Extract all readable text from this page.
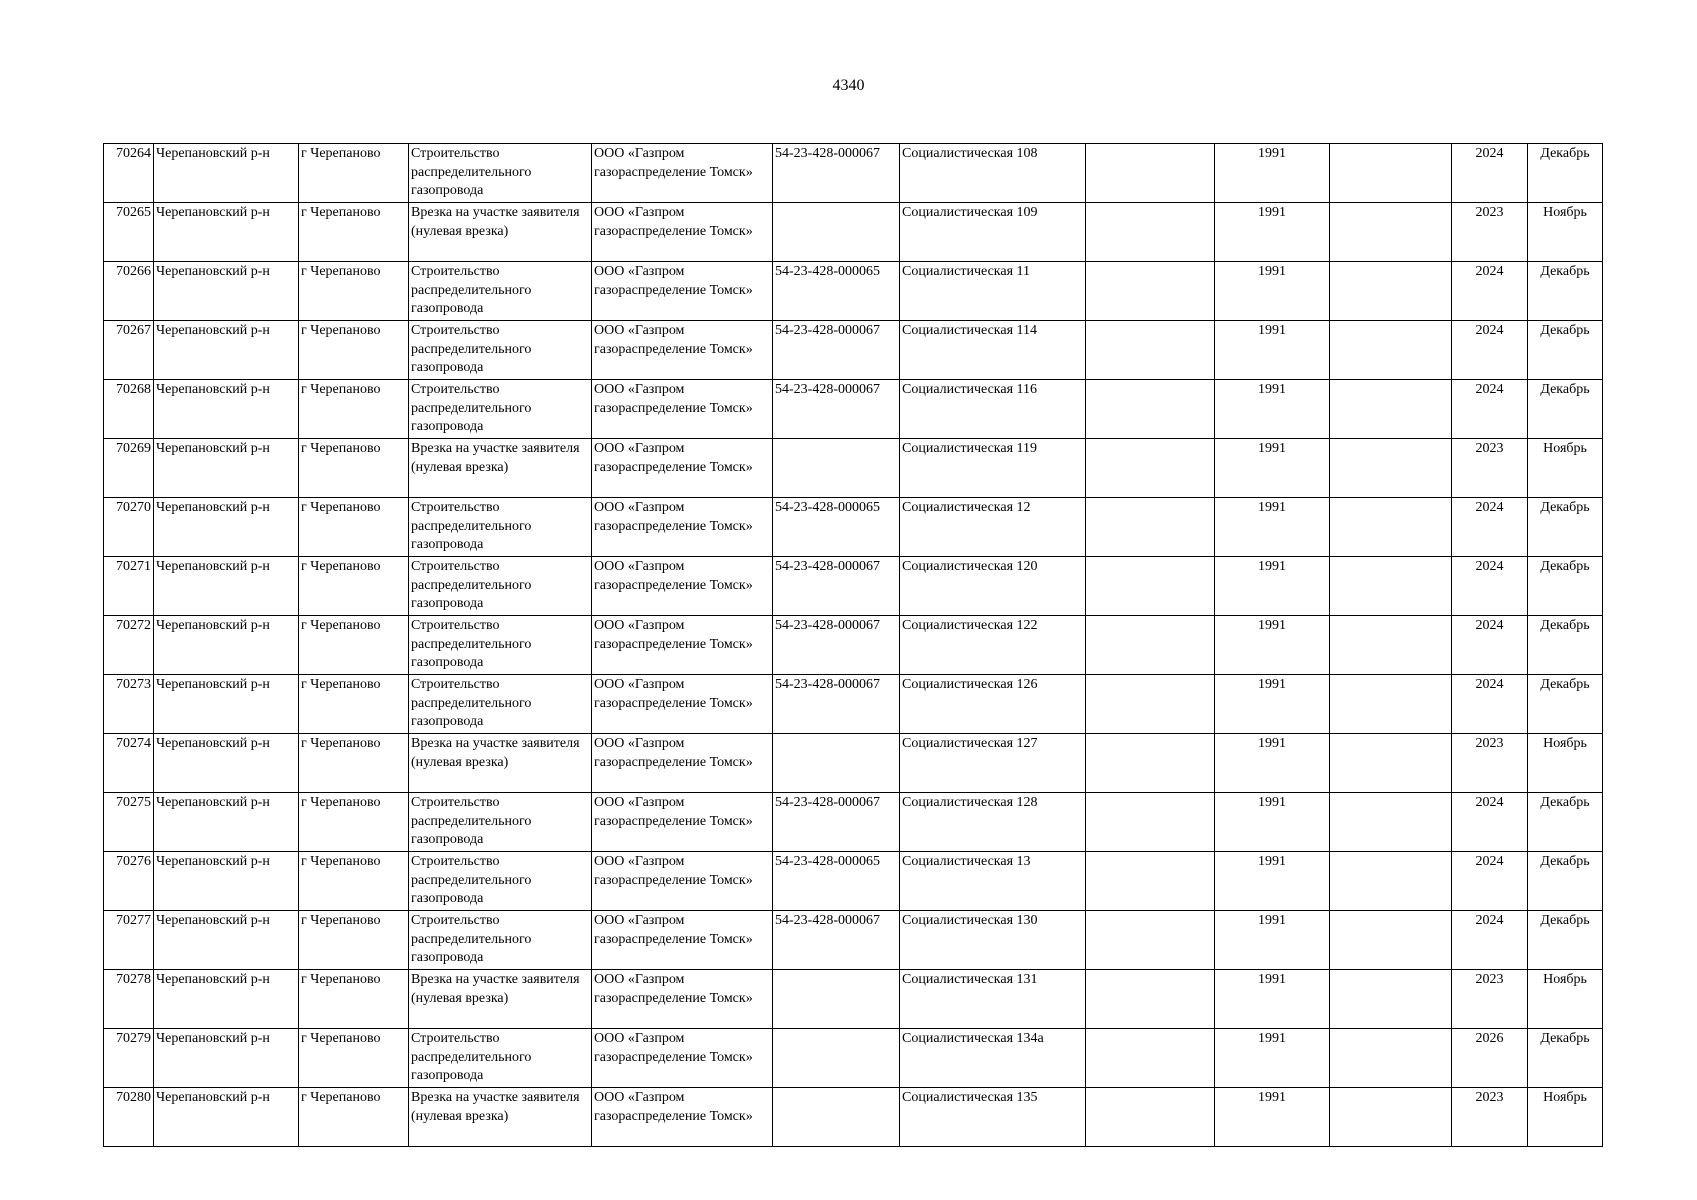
4340
70264	Черепановский р-н	г Черепаново	Строительство распределительного газопровода	ООО «Газпром газораспределение Томск»	54-23-428-000067	Социалистическая 108		1991		2024	Декабрь
70265	Черепановский р-н	г Черепаново	Врезка на участке заявителя (нулевая врезка)	ООО «Газпром газораспределение Томск»		Социалистическая 109		1991		2023	Ноябрь
70266	Черепановский р-н	г Черепаново	Строительство распределительного газопровода	ООО «Газпром газораспределение Томск»	54-23-428-000065	Социалистическая 11		1991		2024	Декабрь
70267	Черепановский р-н	г Черепаново	Строительство распределительного газопровода	ООО «Газпром газораспределение Томск»	54-23-428-000067	Социалистическая 114		1991		2024	Декабрь
70268	Черепановский р-н	г Черепаново	Строительство распределительного газопровода	ООО «Газпром газораспределение Томск»	54-23-428-000067	Социалистическая 116		1991		2024	Декабрь
70269	Черепановский р-н	г Черепаново	Врезка на участке заявителя (нулевая врезка)	ООО «Газпром газораспределение Томск»		Социалистическая 119		1991		2023	Ноябрь
70270	Черепановский р-н	г Черепаново	Строительство распределительного газопровода	ООО «Газпром газораспределение Томск»	54-23-428-000065	Социалистическая 12		1991		2024	Декабрь
70271	Черепановский р-н	г Черепаново	Строительство распределительного газопровода	ООО «Газпром газораспределение Томск»	54-23-428-000067	Социалистическая 120		1991		2024	Декабрь
70272	Черепановский р-н	г Черепаново	Строительство распределительного газопровода	ООО «Газпром газораспределение Томск»	54-23-428-000067	Социалистическая 122		1991		2024	Декабрь
70273	Черепановский р-н	г Черепаново	Строительство распределительного газопровода	ООО «Газпром газораспределение Томск»	54-23-428-000067	Социалистическая 126		1991		2024	Декабрь
70274	Черепановский р-н	г Черепаново	Врезка на участке заявителя (нулевая врезка)	ООО «Газпром газораспределение Томск»		Социалистическая 127		1991		2023	Ноябрь
70275	Черепановский р-н	г Черепаново	Строительство распределительного газопровода	ООО «Газпром газораспределение Томск»	54-23-428-000067	Социалистическая 128		1991		2024	Декабрь
70276	Черепановский р-н	г Черепаново	Строительство распределительного газопровода	ООО «Газпром газораспределение Томск»	54-23-428-000065	Социалистическая 13		1991		2024	Декабрь
70277	Черепановский р-н	г Черепаново	Строительство распределительного газопровода	ООО «Газпром газораспределение Томск»	54-23-428-000067	Социалистическая 130		1991		2024	Декабрь
70278	Черепановский р-н	г Черепаново	Врезка на участке заявителя (нулевая врезка)	ООО «Газпром газораспределение Томск»		Социалистическая 131		1991		2023	Ноябрь
70279	Черепановский р-н	г Черепаново	Строительство распределительного газопровода	ООО «Газпром газораспределение Томск»		Социалистическая 134а		1991		2026	Декабрь
70280	Черепановский р-н	г Черепаново	Врезка на участке заявителя (нулевая врезка)	ООО «Газпром газораспределение Томск»		Социалистическая 135		1991		2023	Ноябрь
